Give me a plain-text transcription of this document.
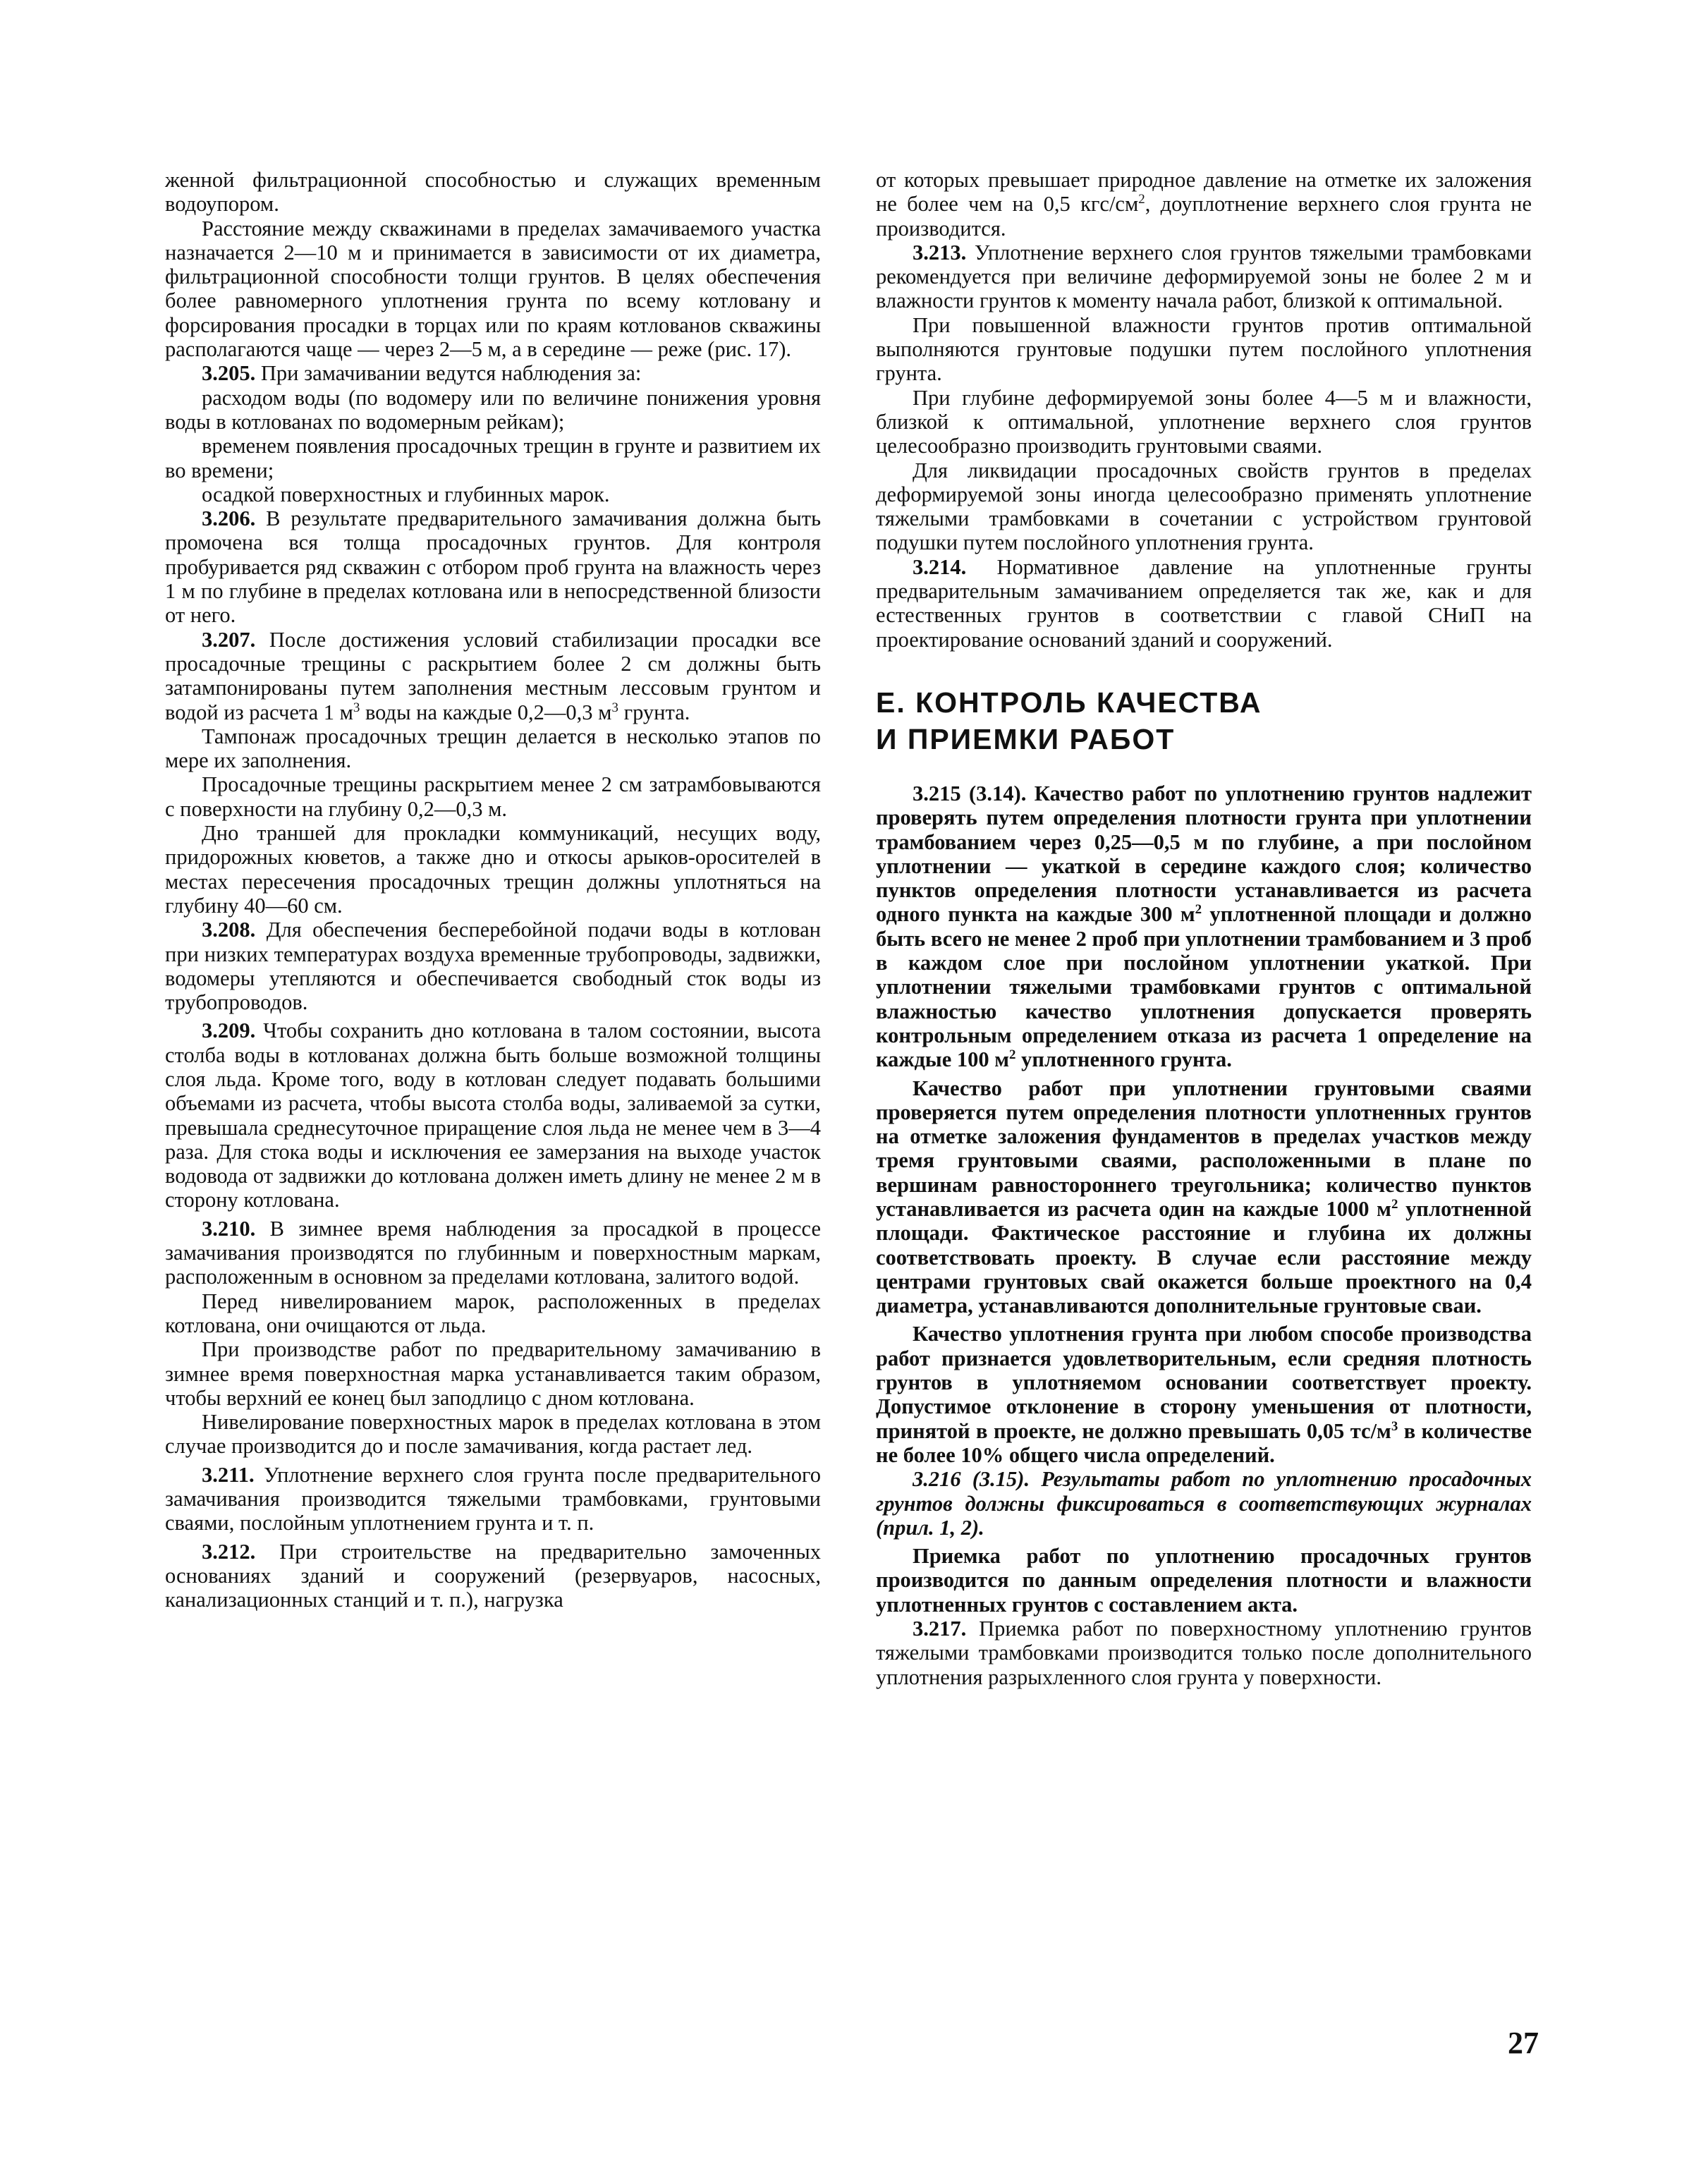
женной фильтрационной способностью и служащих временным водоупором.

Расстояние между скважинами в пределах замачиваемого участка назначается 2—10 м и принимается в зависимости от их диаметра, фильтрационной способности толщи грунтов. В целях обеспечения более равномерного уплотнения грунта по всему котловану и форсирования просадки в торцах или по краям котлованов скважины располагаются чаще — через 2—5 м, а в середине — реже (рис. 17).

3.205. При замачивании ведутся наблюдения за:

расходом воды (по водомеру или по величине понижения уровня воды в котлованах по водомерным рейкам);

временем появления просадочных трещин в грунте и развитием их во времени;

осадкой поверхностных и глубинных марок.

3.206. В результате предварительного замачивания должна быть промочена вся толща просадочных грунтов. Для контроля пробуривается ряд скважин с отбором проб грунта на влажность через 1 м по глубине в пределах котлована или в непосредственной близости от него.

3.207. После достижения условий стабилизации просадки все просадочные трещины с раскрытием более 2 см должны быть затампонированы путем заполнения местным лессовым грунтом и водой из расчета 1 $м^3$ воды на каждые 0,2—0,3 $м^3$ грунта.

Тампонаж просадочных трещин делается в несколько этапов по мере их заполнения.

Просадочные трещины раскрытием менее 2 см затрамбовываются с поверхности на глубину 0,2—0,3 м.

Дно траншей для прокладки коммуникаций, несущих воду, придорожных кюветов, а также дно и откосы арыков-оросителей в местах пересечения просадочных трещин должны уплотняться на глубину 40—60 см.

3.208. Для обеспечения бесперебойной подачи воды в котлован при низких температурах воздуха временные трубопроводы, задвижки, водомеры утепляются и обеспечивается свободный сток воды из трубопроводов.

3.209. Чтобы сохранить дно котлована в талом состоянии, высота столба воды в котлованах должна быть больше возможной толщины слоя льда. Кроме того, воду в котлован следует подавать большими объемами из расчета, чтобы высота столба воды, заливаемой за сутки, превышала среднесуточное приращение слоя льда не менее чем в 3—4 раза. Для стока воды и исключения ее замерзания на выходе участок водовода от задвижки до котлована должен иметь длину не менее 2 м в сторону котлована.

3.210. В зимнее время наблюдения за просадкой в процессе замачивания производятся по глубинным и поверхностным маркам, расположенным в основном за пределами котлована, залитого водой.

Перед нивелированием марок, расположенных в пределах котлована, они очищаются от льда.

При производстве работ по предварительному замачиванию в зимнее время поверхностная марка устанавливается таким образом, чтобы верхний ее конец был заподлицо с дном котлована.

Нивелирование поверхностных марок в пределах котлована в этом случае производится до и после замачивания, когда растает лед.

3.211. Уплотнение верхнего слоя грунта после предварительного замачивания производится тяжелыми трамбовками, грунтовыми сваями, послойным уплотнением грунта и т. п.

3.212. При строительстве на предварительно замоченных основаниях зданий и сооружений (резервуаров, насосных, канализационных станций и т. п.), нагрузка

от которых превышает природное давление на отметке их заложения не более чем на 0,5 кгс/$см^2$, доуплотнение верхнего слоя грунта не производится.

3.213. Уплотнение верхнего слоя грунтов тяжелыми трамбовками рекомендуется при величине деформируемой зоны не более 2 м и влажности грунтов к моменту начала работ, близкой к оптимальной.

При повышенной влажности грунтов против оптимальной выполняются грунтовые подушки путем послойного уплотнения грунта.

При глубине деформируемой зоны более 4—5 м и влажности, близкой к оптимальной, уплотнение верхнего слоя грунтов целесообразно производить грунтовыми сваями.

Для ликвидации просадочных свойств грунтов в пределах деформируемой зоны иногда целесообразно применять уплотнение тяжелыми трамбовками в сочетании с устройством грунтовой подушки путем послойного уплотнения грунта.

3.214. Нормативное давление на уплотненные грунты предварительным замачиванием определяется так же, как и для естественных грунтов в соответствии с главой СНиП на проектирование оснований зданий и сооружений.

Е. КОНТРОЛЬ КАЧЕСТВА
И ПРИЕМКИ РАБОТ

3.215 (3.14). Качество работ по уплотнению грунтов надлежит проверять путем определения плотности грунта при уплотнении трамбованием через 0,25—0,5 м по глубине, а при послойном уплотнении — укаткой в середине каждого слоя; количество пунктов определения плотности устанавливается из расчета одного пункта на каждые 300 $м^2$ уплотненной площади и должно быть всего не менее 2 проб при уплотнении трамбованием и 3 проб в каждом слое при послойном уплотнении укаткой. При уплотнении тяжелыми трамбовками грунтов с оптимальной влажностью качество уплотнения допускается проверять контрольным определением отказа из расчета 1 определение на каждые 100 $м^2$ уплотненного грунта.

Качество работ при уплотнении грунтовыми сваями проверяется путем определения плотности уплотненных грунтов на отметке заложения фундаментов в пределах участков между тремя грунтовыми сваями, расположенными в плане по вершинам равностороннего треугольника; количество пунктов устанавливается из расчета один на каждые 1000 $м^2$ уплотненной площади. Фактическое расстояние и глубина их должны соответствовать проекту. В случае если расстояние между центрами грунтовых свай окажется больше проектного на 0,4 диаметра, устанавливаются дополнительные грунтовые сваи.

Качество уплотнения грунта при любом способе производства работ признается удовлетворительным, если средняя плотность грунтов в уплотняемом основании соответствует проекту. Допустимое отклонение в сторону уменьшения от плотности, принятой в проекте, не должно превышать 0,05 $тс/м^3$ в количестве не более 10% общего числа определений.

3.216 (3.15). Результаты работ по уплотнению просадочных грунтов должны фиксироваться в соответствующих журналах (прил. 1, 2).

Приемка работ по уплотнению просадочных грунтов производится по данным определения плотности и влажности уплотненных грунтов с составлением акта.

3.217. Приемка работ по поверхностному уплотнению грунтов тяжелыми трамбовками производится только после дополнительного уплотнения разрыхленного слоя грунта у поверхности.

27
